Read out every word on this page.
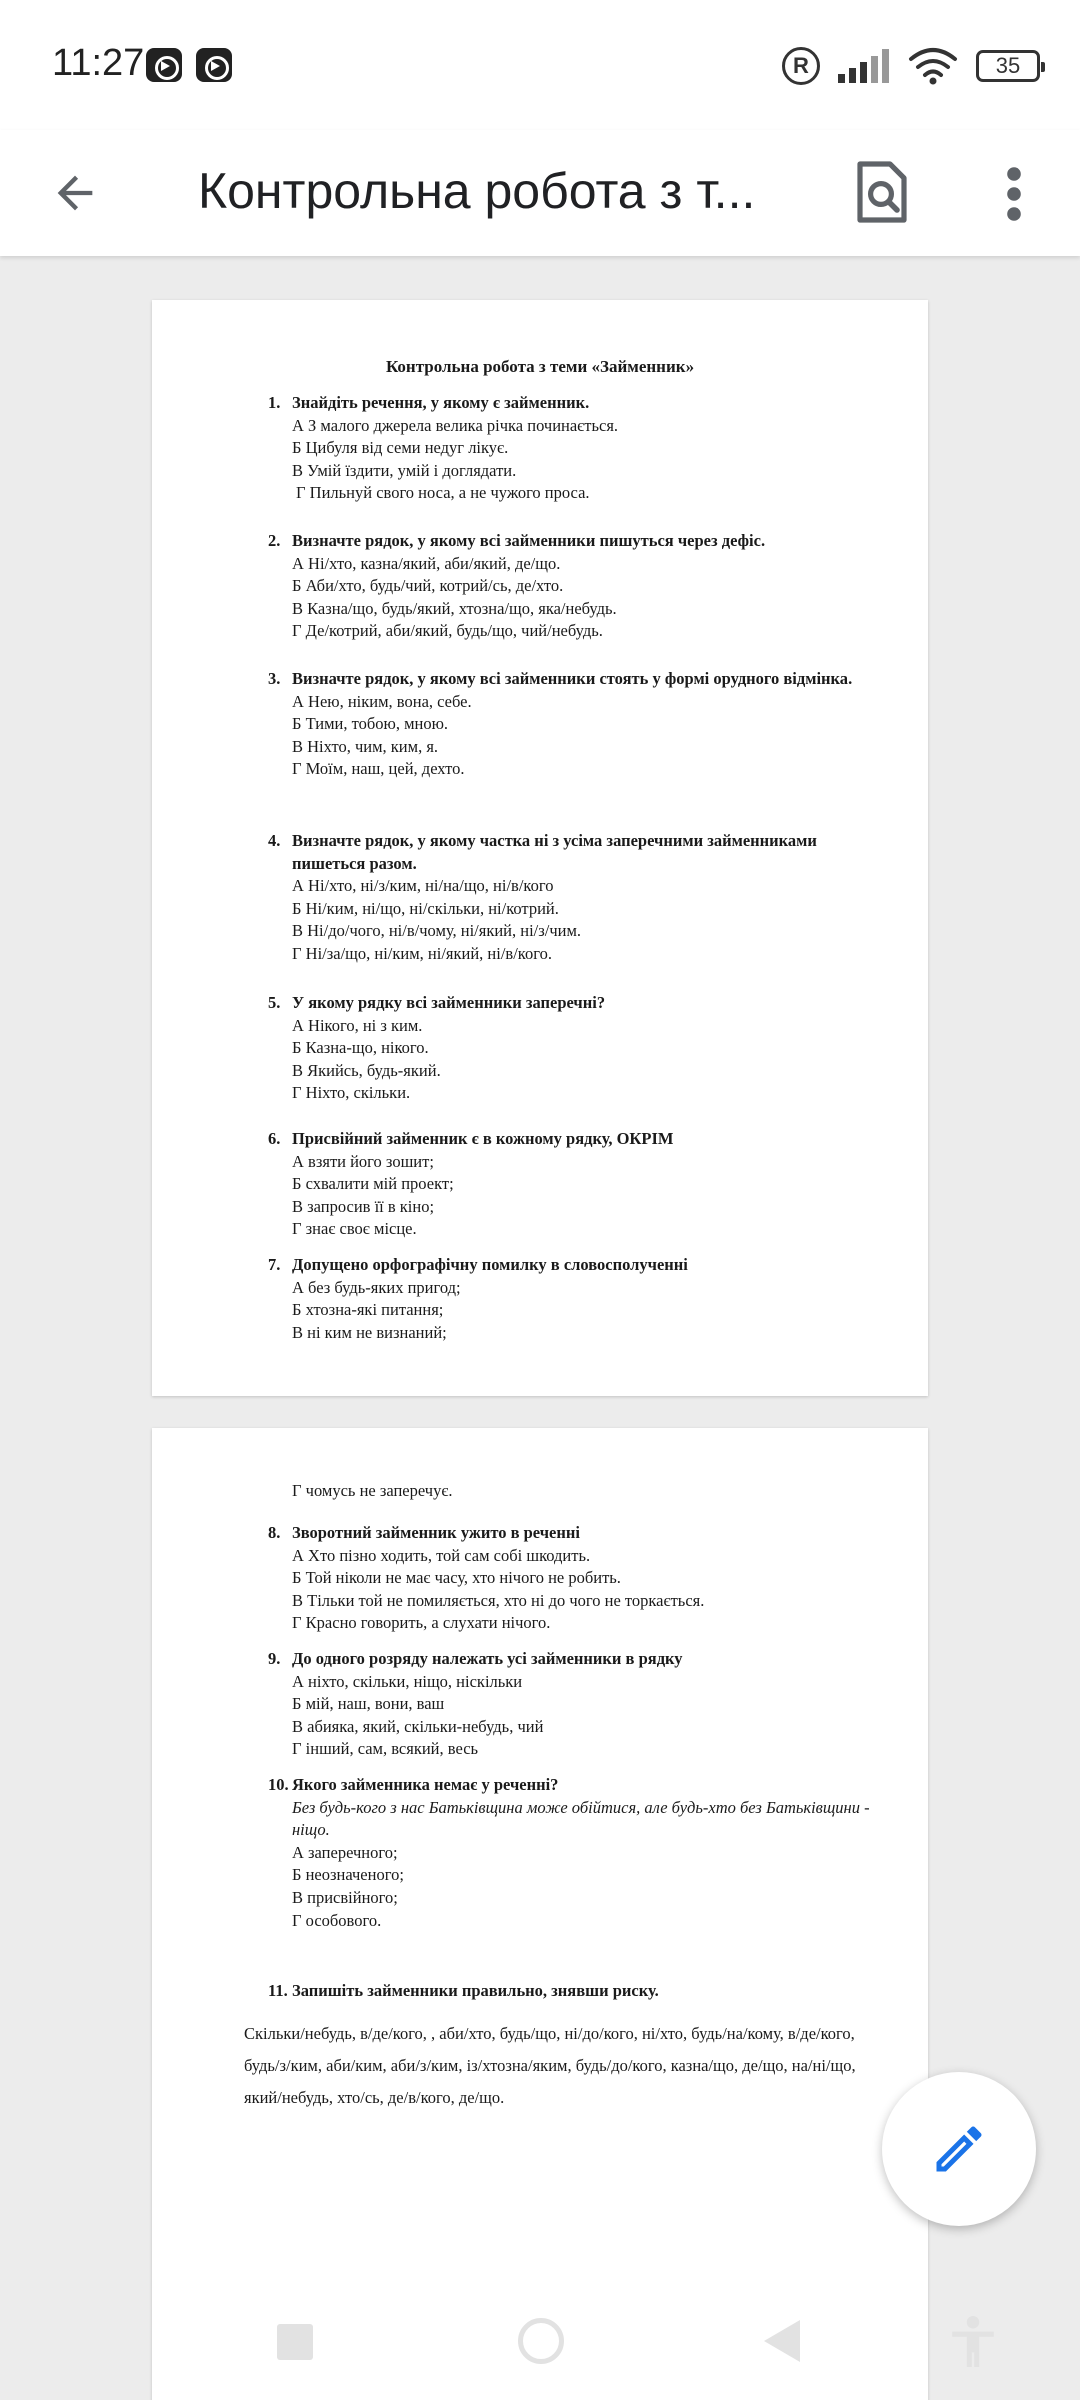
11:27	R	35
Контрольна робота з т...
Контрольна робота з теми «Займенник»
1. Знайдіть речення, у якому є займенник.
А З малого джерела велика річка починається.
Б Цибуля від семи недуг лікує.
В Умій їздити, умій і доглядати.
Г Пильнуй свого носа, а не чужого проса.
2. Визначте рядок, у якому всі займенники пишуться через дефіс.
А Ні/хто, казна/який, аби/який, де/що.
Б Аби/хто, будь/чий, котрий/сь, де/хто.
В Казна/що, будь/який, хтозна/що, яка/небудь.
Г Де/котрий, аби/який, будь/що, чий/небудь.
3. Визначте рядок, у якому всі займенники стоять у формі орудного відмінка.
А Нею, ніким, вона, себе.
Б Тими, тобою, мною.
В Ніхто, чим, ким, я.
Г Моїм, наш, цей, дехто.
4. Визначте рядок, у якому частка ні з усіма заперечними займенниками пишеться разом.
А Ні/хто, ні/з/ким, ні/на/що, ні/в/кого
Б Ні/ким, ні/що, ні/скільки, ні/котрий.
В Ні/до/чого, ні/в/чому, ні/який, ні/з/чим.
Г Ні/за/що, ні/ким, ні/який, ні/в/кого.
5. У якому рядку всі займенники заперечні?
А Нікого, ні з ким.
Б Казна-що, нікого.
В Якийсь, будь-який.
Г Ніхто, скільки.
6. Присвійний займенник є в кожному рядку, ОКРІМ
А взяти його зошит;
Б схвалити мій проект;
В запросив її в кіно;
Г знає своє місце.
7. Допущено орфографічну помилку в словосполученні
А без будь-яких пригод;
Б хтозна-які питання;
В ні ким не визнаний;
Г чомусь не заперечує.
8. Зворотний займенник ужито в реченні
А Хто пізно ходить, той сам собі шкодить.
Б Той ніколи не має часу, хто нічого не робить.
В Тільки той не помиляється, хто ні до чого не торкається.
Г Красно говорить, а слухати нічого.
9. До одного розряду належать усі займенники в рядку
А ніхто, скільки, ніщо, нiскiльки
Б мій, наш, вони, ваш
В абияка, який, скільки-небудь, чий
Г інший, сам, всякий, весь
10. Якого займенника немає у реченні?
Без будь-кого з нас Батьківщина може обійтися, але будь-хто без Батьківщини - ніщо.
А заперечного;
Б неозначеного;
В присвійного;
Г особового.
11. Запишіть займенники правильно, знявши риску.
Скільки/небудь, в/де/кого, , аби/хто, будь/що, ні/до/кого, ні/хто, будь/на/кому, в/де/кого, будь/з/ким, аби/ким, аби/з/ким, із/хтозна/яким, будь/до/кого, казна/що, де/що, на/ні/що, який/небудь, хто/сь, де/в/кого, де/що.
